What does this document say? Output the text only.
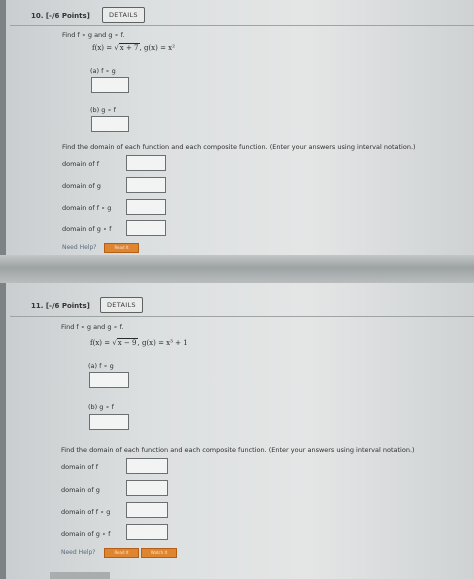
10. [-/6 Points]	DETAILS
Find f ∘ g and g ∘ f.
f(x) = √x + 7, g(x) = x²
(a) f ∘ g
(b) g ∘ f
Find the domain of each function and each composite function. (Enter your answers using interval notation.)
domain of f
domain of g
domain of f ∘ g
domain of g ∘ f
Need Help?	Read It
11. [-/6 Points]	DETAILS
Find f ∘ g and g ∘ f.
f(x) = √x − 9, g(x) = x³ + 1
(a) f ∘ g
(b) g ∘ f
Find the domain of each function and each composite function. (Enter your answers using interval notation.)
domain of f
domain of g
domain of f ∘ g
domain of g ∘ f
Need Help?	Read It	Watch It
